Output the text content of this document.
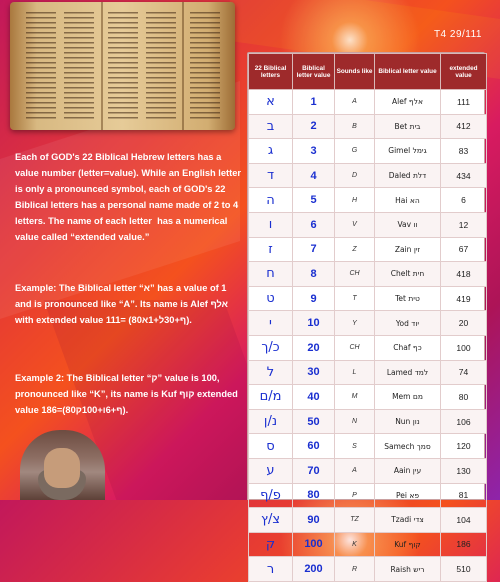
T4 29/111

Each of GOD's 22 Biblical Hebrew letters has a value number (letter=value). While an English letter is only a pronounced symbol, each of GOD's 22 Biblical letters has a personal name made of 2 to 4 letters. The name of each letter  has a numerical value called “extended value.”

Example: The Biblical letter “א” has a value of 1 and is pronounced like “A”. Its name is Alef אלף with extended value 111= (80ף+30ל+1א).

Example 2: The Biblical letter “ק” value is 100, pronounced like “K”, its name is Kuf קוף extended value 186=(80ף+6ו+100ק).

22 Biblical letters	Biblical letter value	Sounds like	Biblical letter value	extended value
א	1	A	Alef אלף	111
ב	2	B	Bet בית	412
ג	3	G	Gimel גימל	83
ד	4	D	Daled דלת	434
ה	5	H	Hai הא	6
ו	6	V	Vav וו	12
ז	7	Z	Zain זין	67
ח	8	CH	Chelt חית	418
ט	9	T	Tet טית	419
י	10	Y	Yod יוד	20
כ/ך	20	CH	Chaf כף	100
ל	30	L	Lamed למד	74
מ/ם	40	M	Mem מם	80
נ/ן	50	N	Nun נון	106
ס	60	S	Samech סמך	120
ע	70	A	Aain עין	130
פ/ף	80	P	Pei פא	81
צ/ץ	90	TZ	Tzadi צדי	104
ק	100	K	Kuf קוף	186
ר	200	R	Raish ריש	510
